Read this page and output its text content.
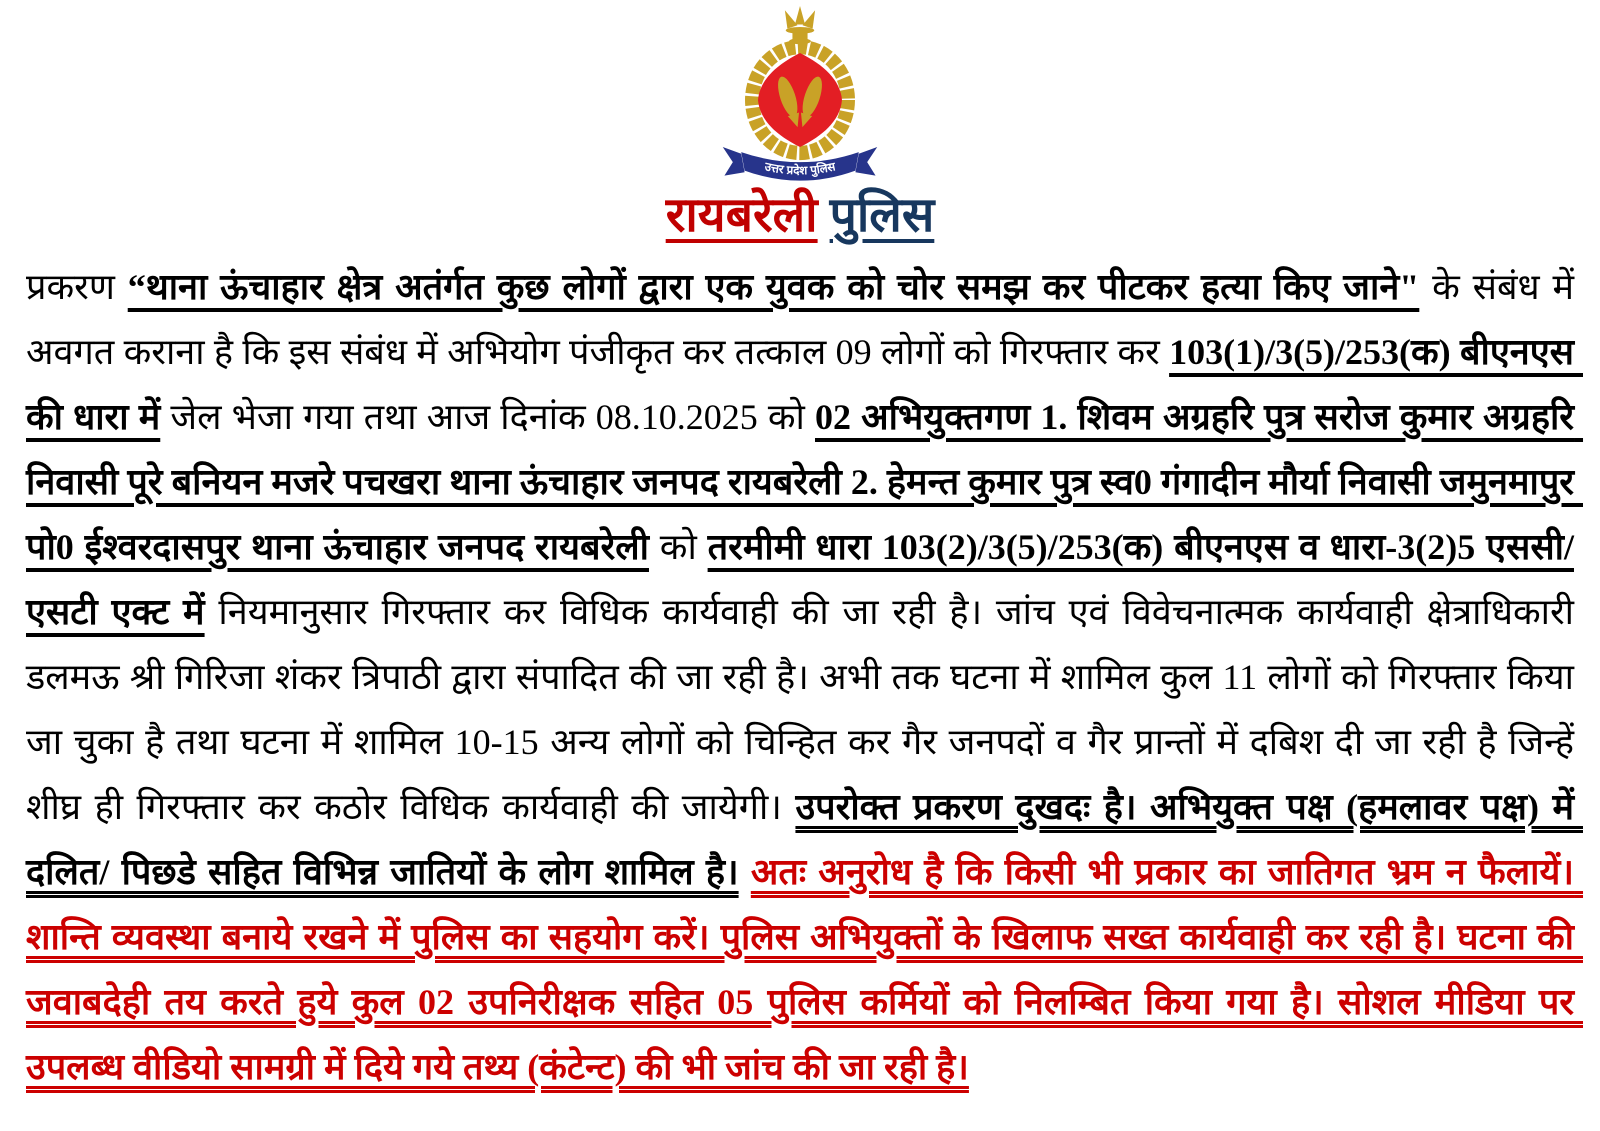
उत्तर प्रदेश पुलिस
रायबरेली पुलिस
प्रकरण “थाना ऊंचाहार क्षेत्र अतंर्गत कुछ लोगों द्वारा एक युवक को चोर समझ कर पीटकर हत्या किए जाने" के संबंध में अवगत कराना है कि इस संबंध में अभियोग पंजीकृत कर तत्काल 09 लोगों को गिरफ्तार कर 103(1)/3(5)/253(क) बीएनएस की धारा में जेल भेजा गया तथा आज दिनांक 08.10.2025 को 02 अभियुक्तगण 1. शिवम अग्रहरि पुत्र सरोज कुमार अग्रहरि निवासी पूरे बनियन मजरे पचखरा थाना ऊंचाहार जनपद रायबरेली 2. हेमन्त कुमार पुत्र स्व0 गंगादीन मौर्या निवासी जमुनमापुर पो0 ईश्वरदासपुर थाना ऊंचाहार जनपद रायबरेली को तरमीमी धारा 103(2)/3(5)/253(क) बीएनएस व धारा-3(2)5 एससी/एसटी एक्ट में नियमानुसार गिरफ्तार कर विधिक कार्यवाही की जा रही है। जांच एवं विवेचनात्मक कार्यवाही क्षेत्राधिकारी डलमऊ श्री गिरिजा शंकर त्रिपाठी द्वारा संपादित की जा रही है। अभी तक घटना में शामिल कुल 11 लोगों को गिरफ्तार किया जा चुका है तथा घटना में शामिल 10-15 अन्य लोगों को चिन्हित कर गैर जनपदों व गैर प्रान्तों में दबिश दी जा रही है जिन्हें शीघ्र ही गिरफ्तार कर कठोर विधिक कार्यवाही की जायेगी। उपरोक्त प्रकरण दुखदः है। अभियुक्त पक्ष (हमलावर पक्ष) में दलित/ पिछडे सहित विभिन्न जातियों के लोग शामिल है। अतः अनुरोध है कि किसी भी प्रकार का जातिगत भ्रम न फैलायें। शान्ति व्यवस्था बनाये रखने में पुलिस का सहयोग करें। पुलिस अभियुक्तों के खिलाफ सख्त कार्यवाही कर रही है। घटना की जवाबदेही तय करते हुये कुल 02 उपनिरीक्षक सहित 05 पुलिस कर्मियों को निलम्बित किया गया है। सोशल मीडिया पर उपलब्ध वीडियो सामग्री में दिये गये तथ्य (कंटेन्ट) की भी जांच की जा रही है।
